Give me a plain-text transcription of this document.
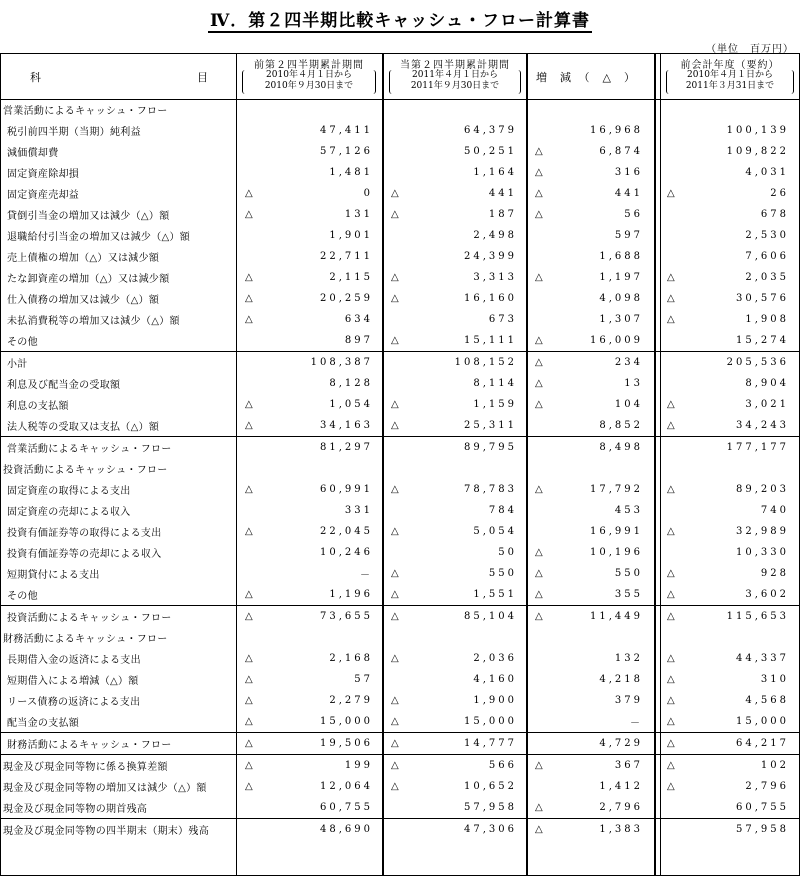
Ⅳ．第２四半期比較キャッシュ・フロー計算書
（単位　百万円）
科	目
前第２四半期累計期間
2010年４月１日から
2010年９月30日まで
当第２四半期累計期間
2011年４月１日から
2011年９月30日まで
増　減　（　△　）
前会計年度（要約）
2010年４月１日から
2011年３月31日まで
営業活動によるキャッシュ・フロー					
税引前四半期（当期）純利益	47,411	64,379	16,968		100,139

減価償却費	57,126	50,251	△ 6,874		109,822

固定資産除却損	1,481	1,164	△ 316		4,031

固定資産売却益	△ 0	△ 441	△ 441		△ 26

貸倒引当金の増加又は減少（△）額	△ 131	△ 187	△ 56		678

退職給付引当金の増加又は減少（△）額	1,901	2,498	597		2,530

売上債権の増加（△）又は減少額	22,711	24,399	1,688		7,606

たな卸資産の増加（△）又は減少額	△ 2,115	△ 3,313	△ 1,197		△ 2,035

仕入債務の増加又は減少（△）額	△ 20,259	△ 16,160	4,098		△ 30,576

未払消費税等の増加又は減少（△）額	△ 634	673	1,307		△ 1,908

その他	897	△ 15,111	△ 16,009		15,274

小計	108,387	108,152	△ 234		205,536

利息及び配当金の受取額	8,128	8,114	△ 13		8,904

利息の支払額	△ 1,054	△ 1,159	△ 104		△ 3,021

法人税等の受取又は支払（△）額	△ 34,163	△ 25,311	8,852		△ 34,243

営業活動によるキャッシュ・フロー	81,297	89,795	8,498		177,177

投資活動によるキャッシュ・フロー					
固定資産の取得による支出	△ 60,991	△ 78,783	△ 17,792		△ 89,203

固定資産の売却による収入	331	784	453		740

投資有価証券等の取得による支出	△ 22,045	△ 5,054	16,991		△ 32,989

投資有価証券等の売却による収入	10,246	50	△ 10,196		10,330

短期貸付による支出	－	△ 550	△ 550		△ 928

その他	△ 1,196	△ 1,551	△ 355		△ 3,602

投資活動によるキャッシュ・フロー	△ 73,655	△ 85,104	△ 11,449		△ 115,653

財務活動によるキャッシュ・フロー					
長期借入金の返済による支出	△ 2,168	△ 2,036	132		△ 44,337

短期借入による増減（△）額	△ 57	4,160	4,218		△ 310

リース債務の返済による支出	△ 2,279	△ 1,900	379		△ 4,568

配当金の支払額	△ 15,000	△ 15,000	－		△ 15,000

財務活動によるキャッシュ・フロー	△ 19,506	△ 14,777	4,729		△ 64,217

現金及び現金同等物に係る換算差額	△ 199	△ 566	△ 367		△ 102

現金及び現金同等物の増加又は減少（△）額	△ 12,064	△ 10,652	1,412		△ 2,796

現金及び現金同等物の期首残高	60,755	57,958	△ 2,796		60,755

現金及び現金同等物の四半期末（期末）残高	48,690	47,306	△ 1,383		57,958
